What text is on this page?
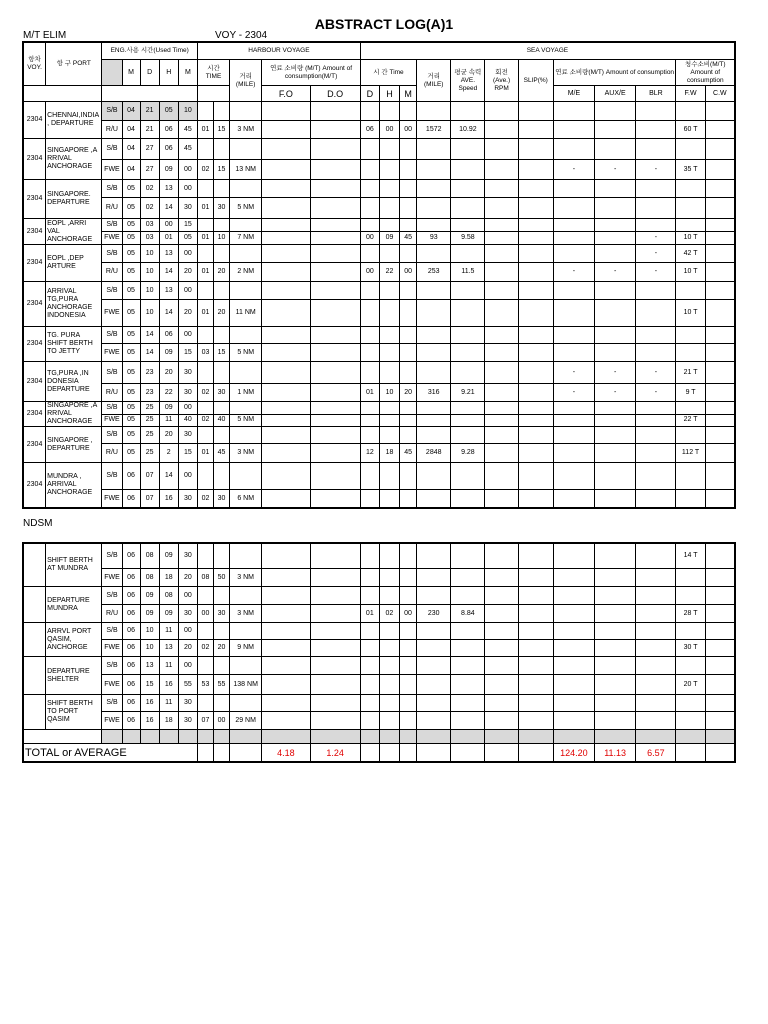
ABSTRACT LOG(A)1
M/T ELIM	VOY - 2304
항차 VOY.	항 구 PORT	ENG.사용 시간(Used Time)					HARBOUR VOYAGE					SEA VOYAGE											
			M	D	H	M	시간 TIME		거리 (MILE)	연료 소비량 (M/T) Amount of consumption(M/T)		시 간 Time			거리 (MILE)	평균 속력 AVE. Speed	회전 (Ave.) RPM	SLIP(%)	연료 소비량(M/T) Amount of consumption			청수소비(M/T) Amount of consumption	
										F.O	D.O	D	H	M					M/E	AUX/E	BLR	F.W	C.W
2304	CHENNAI,INDIA , DEPARTURE	S/B	04	21	05	10																	
		R/U	04	21	06	45	01	15	3 NM			06	00	00	1572	10.92						60 T	
2304	SINGAPORE ,A RRIVAL ANCHORAGE	S/B	04	27	06	45																	
		FWE	04	27	09	00	02	15	13 NM										-	-	-	35 T	
2304	SINGAPORE. DEPARTURE	S/B	05	02	13	00																	
		R/U	05	02	14	30	01	30	5 NM														
2304	EOPL ,ARRI VAL ANCHORAGE	S/B	05	03	00	15																	
		FWE	05	03	01	05	01	10	7 NM			00	09	45	93	9.58					-	10 T	
2304	EOPL ,DEP ARTURE	S/B	05	10	13	00															-	42 T	
		R/U	05	10	14	20	01	20	2 NM			00	22	00	253	11.5			-	-	-	10 T	
2304	ARRIVAL TG,PURA ANCHORAGE INDONESIA	S/B	05	10	13	00																	
		FWE	05	10	14	20	01	20	11 NM													10 T	
2304	TG. PURA SHIFT BERTH TO JETTY	S/B	05	14	06	00																	
		FWE	05	14	09	15	03	15	5 NM														
2304	TG,PURA ,IN DONESIA DEPARTURE	S/B	05	23	20	30													-	-	-	21 T	
		R/U	05	23	22	30	02	30	1 NM			01	10	20	316	9.21			-	-	-	9 T	
2304	SINGAPORE ,A RRIVAL ANCHORAGE	S/B	05	25	09	00																	
		FWE	05	25	11	40	02	40	5 NM													22 T	
2304	SINGAPORE , DEPARTURE	S/B	05	25	20	30																	
		R/U	05	25	2	15	01	45	3 NM			12	18	45	2848	9.28						112 T	
2304	MUNDRA , ARRIVAL ANCHORAGE	S/B	06	07	14	00																	
		FWE	06	07	16	30	02	30	6 NM														
NDSM
	SHIFT BERTH AT MUNDRA	S/B	06	08	09	30																14 T	
		FWE	06	08	18	20	08	50	3 NM														
	DEPARTURE MUNDRA	S/B	06	09	08	00																	
		R/U	06	09	09	30	00	30	3 NM			01	02	00	230	8.84						28 T	
	ARRVL PORT QASIM, ANCHORGE	S/B	06	10	11	00																	
		FWE	06	10	13	20	02	20	9 NM													30 T	
	DEPARTURE SHELTER	S/B	06	13	11	00																	
		FWE	06	15	16	55	53	55	138 NM													20 T	
	SHIFT BERTH TO PORT QASIM	S/B	06	16	11	30																	
		FWE	06	16	18	30	07	00	29 NM														

TOTAL or AVERAGE										4.18	1.24								124.20	11.13	6.57		
